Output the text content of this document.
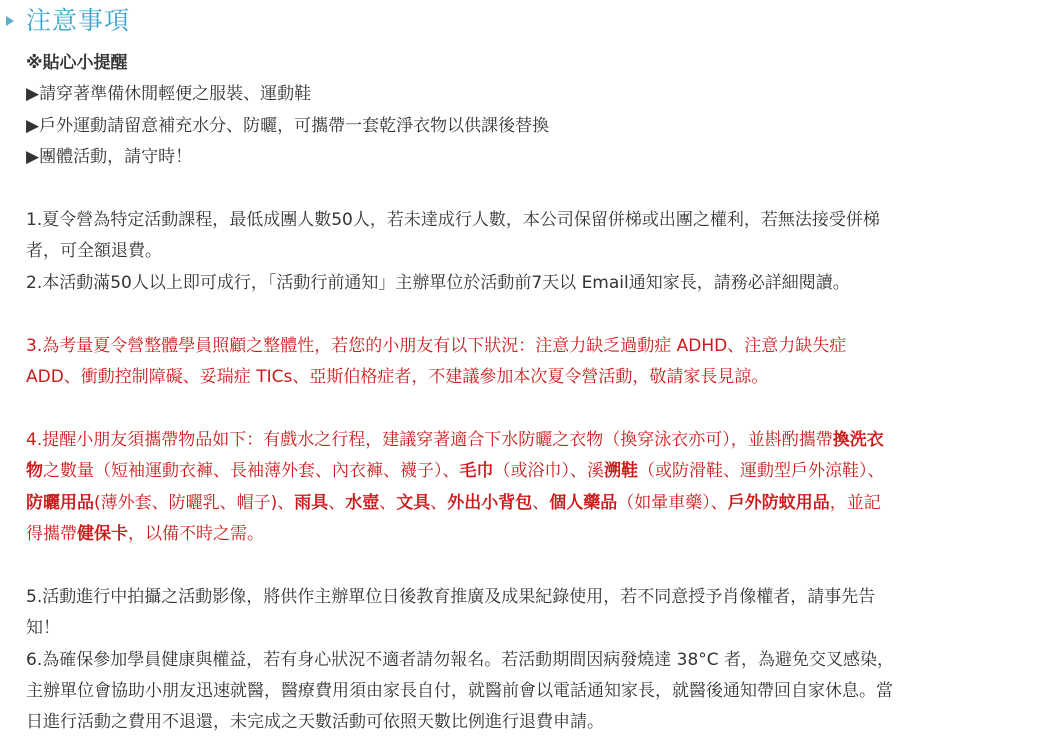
注意事項
※貼心小提醒
▶請穿著準備休閒輕便之服裝、運動鞋
▶戶外運動請留意補充水分、防曬，可攜帶一套乾淨衣物以供課後替換
▶團體活動，請守時！
1.夏令營為特定活動課程，最低成團人數50人，若未達成行人數，本公司保留併梯或出團之權利，若無法接受併梯
者，可全額退費。
2.本活動滿50人以上即可成行，「活動行前通知」主辦單位於活動前7天以 Email通知家長，請務必詳細閱讀。
3.為考量夏令營整體學員照顧之整體性，若您的小朋友有以下狀況：注意力缺乏過動症 ADHD、注意力缺失症
ADD、衝動控制障礙、妥瑞症 TICs、亞斯伯格症者，不建議參加本次夏令營活動，敬請家長見諒。
4.提醒小朋友須攜帶物品如下：有戲水之行程，建議穿著適合下水防曬之衣物（換穿泳衣亦可），並斟酌攜帶換洗衣
物之數量（短袖運動衣褲、長袖薄外套、內衣褲、襪子）、毛巾（或浴巾）、溪溯鞋（或防滑鞋、運動型戶外涼鞋）、
防曬用品(薄外套、防曬乳、帽子)、雨具、水壺、文具、外出小背包、個人藥品（如暈車藥）、戶外防蚊用品，並記
得攜帶健保卡，以備不時之需。
5.活動進行中拍攝之活動影像，將供作主辦單位日後教育推廣及成果紀錄使用，若不同意授予肖像權者，請事先告
知！
6.為確保參加學員健康與權益，若有身心狀況不適者請勿報名。若活動期間因病發燒達 38°C 者，為避免交叉感染，
主辦單位會協助小朋友迅速就醫，醫療費用須由家長自付，就醫前會以電話通知家長，就醫後通知帶回自家休息。當
日進行活動之費用不退還，未完成之天數活動可依照天數比例進行退費申請。
